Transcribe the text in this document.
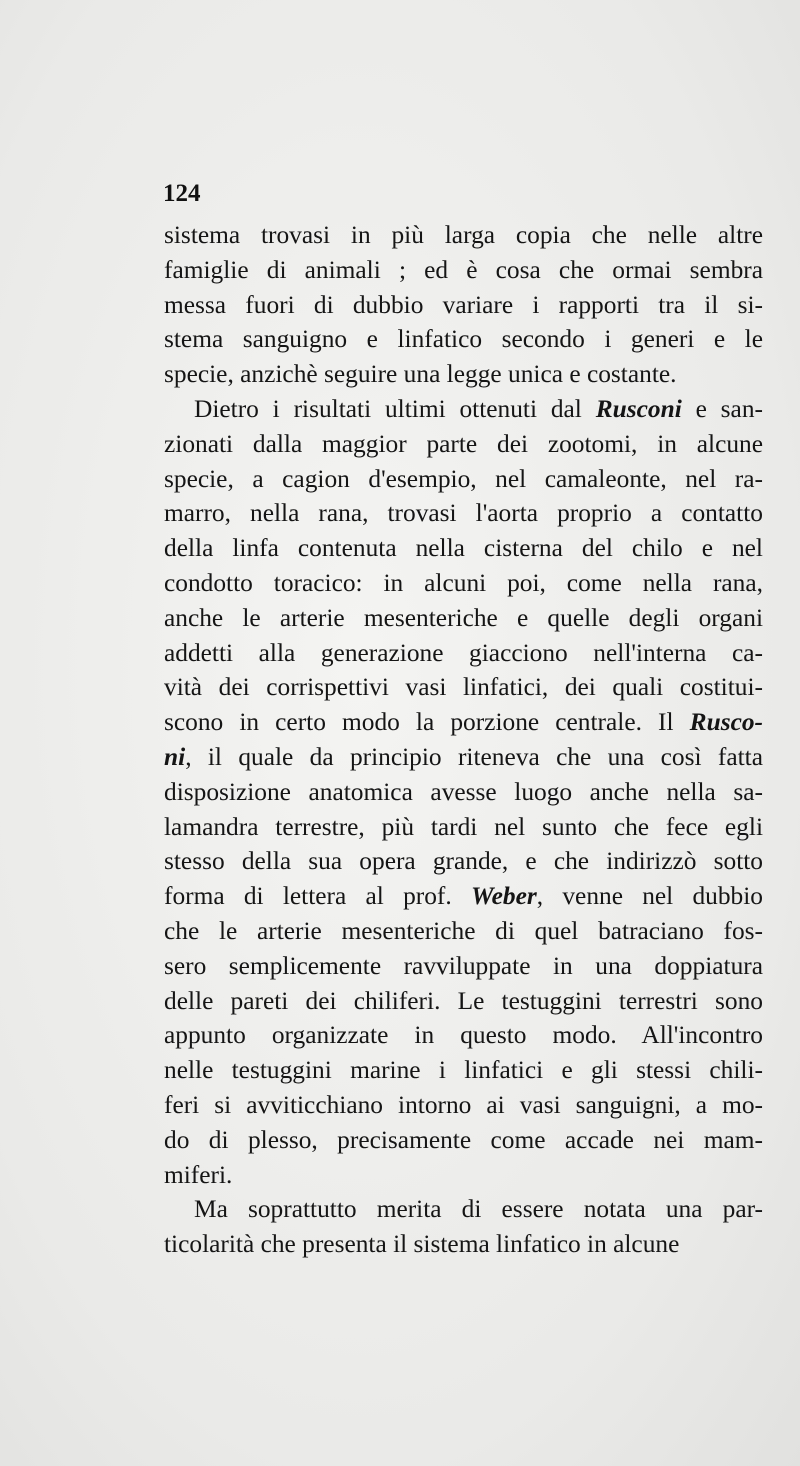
124
sistema trovasi in più larga copia che nelle altre
famiglie di animali ; ed è cosa che ormai sembra
messa fuori di dubbio variare i rapporti tra il si-
stema sanguigno e linfatico secondo i generi e le
specie, anzichè seguire una legge unica e costante.
Dietro i risultati ultimi ottenuti dal Rusconi e san-
zionati dalla maggior parte dei zootomi, in alcune
specie, a cagion d'esempio, nel camaleonte, nel ra-
marro, nella rana, trovasi l'aorta proprio a contatto
della linfa contenuta nella cisterna del chilo e nel
condotto toracico: in alcuni poi, come nella rana,
anche le arterie mesenteriche e quelle degli organi
addetti alla generazione giacciono nell'interna ca-
vità dei corrispettivi vasi linfatici, dei quali costitui-
scono in certo modo la porzione centrale. Il Rusco-
ni, il quale da principio riteneva che una così fatta
disposizione anatomica avesse luogo anche nella sa-
lamandra terrestre, più tardi nel sunto che fece egli
stesso della sua opera grande, e che indirizzò sotto
forma di lettera al prof. Weber, venne nel dubbio
che le arterie mesenteriche di quel batraciano fos-
sero semplicemente ravviluppate in una doppiatura
delle pareti dei chiliferi. Le testuggini terrestri sono
appunto organizzate in questo modo. All'incontro
nelle testuggini marine i linfatici e gli stessi chili-
feri si avviticchiano intorno ai vasi sanguigni, a mo-
do di plesso, precisamente come accade nei mam-
miferi.
Ma soprattutto merita di essere notata una par-
ticolarità che presenta il sistema linfatico in alcune
